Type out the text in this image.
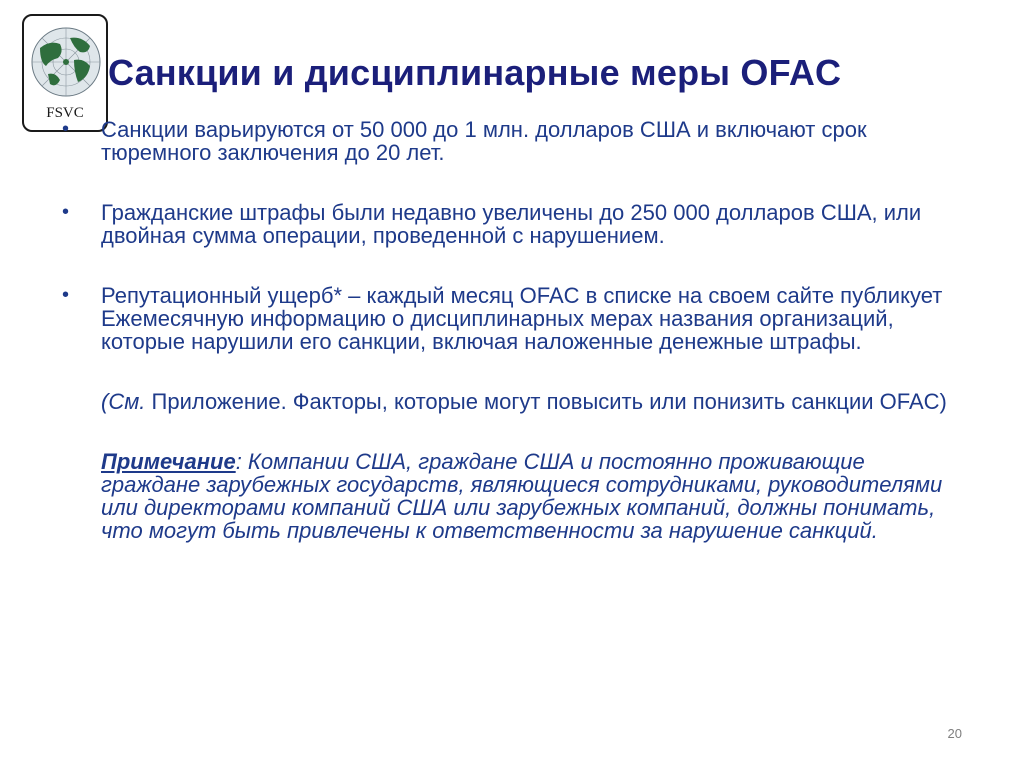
FSVC
Санкции и дисциплинарные меры OFAC
• Санкции варьируются от 50 000 до 1 млн. долларов США и включают срок тюремного заключения до 20 лет.
• Гражданские штрафы были недавно увеличены до 250 000 долларов США, или двойная сумма операции, проведенной с нарушением.
• Репутационный ущерб* – каждый месяц OFAC в списке на своем сайте публикует Ежемесячную информацию о дисциплинарных мерах названия организаций, которые нарушили его санкции, включая наложенные денежные штрафы.
(См. Приложение. Факторы, которые могут повысить или понизить санкции OFAC)
Примечание: Компании США, граждане США и постоянно проживающие граждане зарубежных государств, являющиеся сотрудниками, руководителями или директорами компаний США или зарубежных компаний, должны понимать, что могут быть привлечены к ответственности за нарушение санкций.
20
